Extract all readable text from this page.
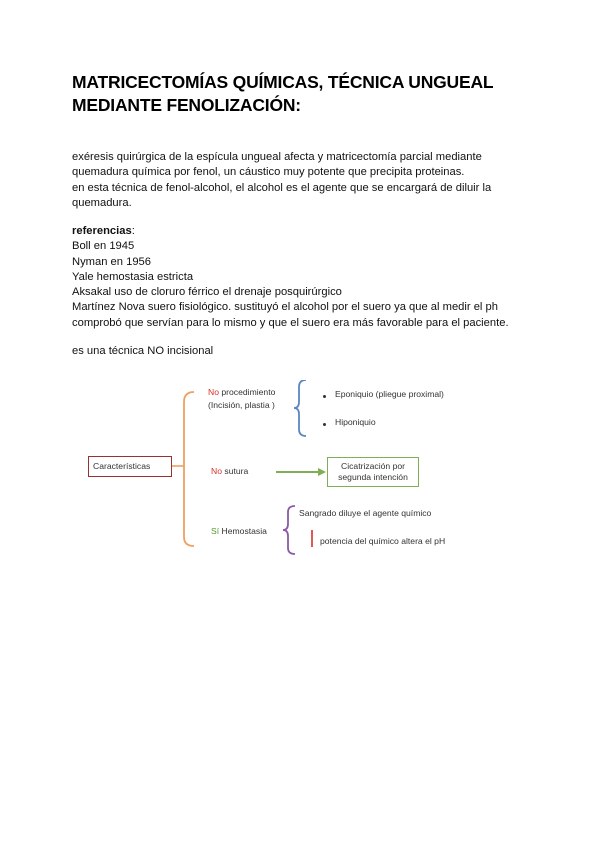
MATRICECTOMÍAS QUÍMICAS, TÉCNICA UNGUEAL MEDIANTE FENOLIZACIÓN:
exéresis quirúrgica de la espícula ungueal afecta y matricectomía parcial mediante
quemadura química por fenol, un cáustico muy potente que precipita proteinas.
en esta técnica de fenol-alcohol, el alcohol es el agente que se encargará de diluir la
quemadura.
referencias:
Boll en 1945
Nyman en 1956
Yale hemostasia estricta
Aksakal uso de cloruro férrico el drenaje posquirúrgico
Martínez Nova suero fisiológico. sustituyó el alcohol por el suero ya que al medir el ph
comprobó que servían para lo mismo y que el suero era más favorable para el paciente.
es una técnica NO incisional
Características
No procedimiento
(Incisión, plastia )
Eponiquio (pliegue proximal)
Hiponiquio
No sutura	Cicatrización por
segunda intención
Sí Hemostasia
Sangrado diluye el agente químico
potencia del químico altera el pH
